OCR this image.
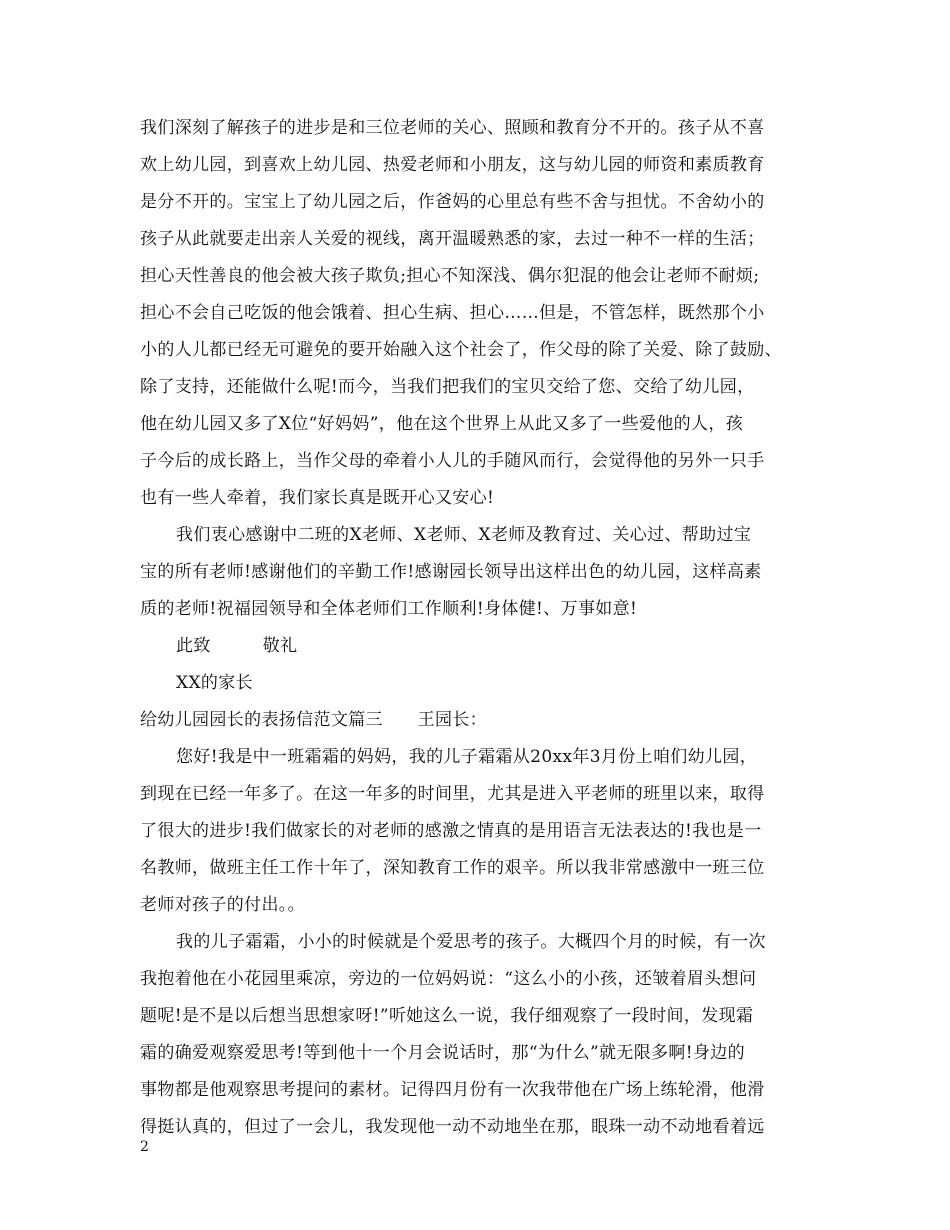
我们深刻了解孩子的进步是和三位老师的关心、照顾和教育分不开的。孩子从不喜
欢上幼儿园，到喜欢上幼儿园、热爱老师和小朋友，这与幼儿园的师资和素质教育
是分不开的。宝宝上了幼儿园之后，作爸妈的心里总有些不舍与担忧。不舍幼小的
孩子从此就要走出亲人关爱的视线，离开温暖熟悉的家，去过一种不一样的生活；
担心天性善良的他会被大孩子欺负;担心不知深浅、偶尔犯混的他会让老师不耐烦;
担心不会自己吃饭的他会饿着、担心生病、担心……但是，不管怎样，既然那个小
小的人儿都已经无可避免的要开始融入这个社会了，作父母的除了关爱、除了鼓励、
除了支持，还能做什么呢!而今，当我们把我们的宝贝交给了您、交给了幼儿园，
他在幼儿园又多了X位“好妈妈”，他在这个世界上从此又多了一些爱他的人，孩
子今后的成长路上，当作父母的牵着小人儿的手随风而行，会觉得他的另外一只手
也有一些人牵着，我们家长真是既开心又安心!
我们衷心感谢中二班的X老师、X老师、X老师及教育过、关心过、帮助过宝
宝的所有老师!感谢他们的辛勤工作!感谢园长领导出这样出色的幼儿园，这样高素
质的老师!祝福园领导和全体老师们工作顺利!身体健!、万事如意!
此致　　　敬礼
XX的家长
给幼儿园园长的表扬信范文篇三　　王园长：
您好!我是中一班霜霜的妈妈，我的儿子霜霜从20xx年3月份上咱们幼儿园，
到现在已经一年多了。在这一年多的时间里，尤其是进入平老师的班里以来，取得
了很大的进步!我们做家长的对老师的感激之情真的是用语言无法表达的!我也是一
名教师，做班主任工作十年了，深知教育工作的艰辛。所以我非常感激中一班三位
老师对孩子的付出。。
我的儿子霜霜，小小的时候就是个爱思考的孩子。大概四个月的时候，有一次
我抱着他在小花园里乘凉，旁边的一位妈妈说：“这么小的小孩，还皱着眉头想问
题呢!是不是以后想当思想家呀!”听她这么一说，我仔细观察了一段时间，发现霜
霜的确爱观察爱思考!等到他十一个月会说话时，那“为什么”就无限多啊!身边的
事物都是他观察思考提问的素材。记得四月份有一次我带他在广场上练轮滑，他滑
得挺认真的，但过了一会儿，我发现他一动不动地坐在那，眼珠一动不动地看着远
2
